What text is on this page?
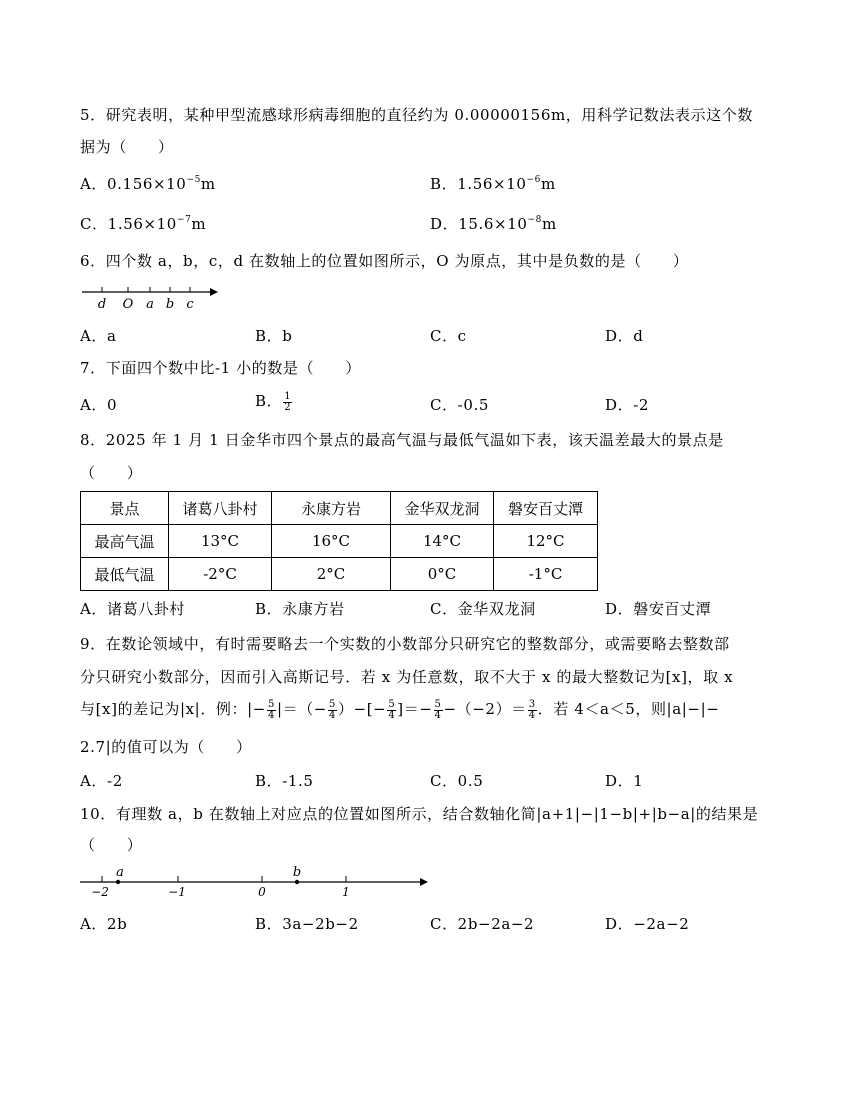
5．研究表明，某种甲型流感球形病毒细胞的直径约为 0.00000156m，用科学记数法表示这个数
据为（　　）
A．$0.156\times 10^{-5}m$	B．$1.56\times 10^{-6}m$
C．$1.56\times 10^{-7}m$	D．$15.6\times 10^{-8}m$
6．四个数 a，b，c，d 在数轴上的位置如图所示，O 为原点，其中是负数的是（　　）
d O a b c
A．a	B．b	C．c	D．d
7．下面四个数中比-1 小的数是（　　）
A．0	B． $\frac{1}{2}$	C．-0.5	D．-2
8．2025 年 1 月 1 日金华市四个景点的最高气温与最低气温如下表，该天温差最大的景点是
（　　）
景点	诸葛八卦村	永康方岩	金华双龙洞	磐安百丈潭
最高气温	13°C	16°C	14°C	12°C
最低气温	-2°C	2°C	0°C	-1°C
A．诸葛八卦村	B．永康方岩	C．金华双龙洞	D．磐安百丈潭
9．在数论领域中，有时需要略去一个实数的小数部分只研究它的整数部分，或需要略去整数部
分只研究小数部分，因而引入高斯记号．若 x 为任意数，取不大于 x 的最大整数记为[x]，取 x
与[x]的差记为|x|．例：|− $\frac{5}{4}$ |＝（− $\frac{5}{4}$ ）−[− $\frac{5}{4}$ ]＝− $\frac{5}{4} -(-2)= \frac{3}{4}$ ．若 4＜a＜5，则|a|−|−
2.7|的值可以为（　　）
A．-2	B．-1.5	C．0.5	D．1
10．有理数 a，b 在数轴上对应点的位置如图所示，结合数轴化简|a+1|−|1−b|+|b−a|的结果是
（　　）
a	b
−2	−1	0	1
A．2b	B．3a−2b−2	C．2b−2a−2	D．−2a−2
